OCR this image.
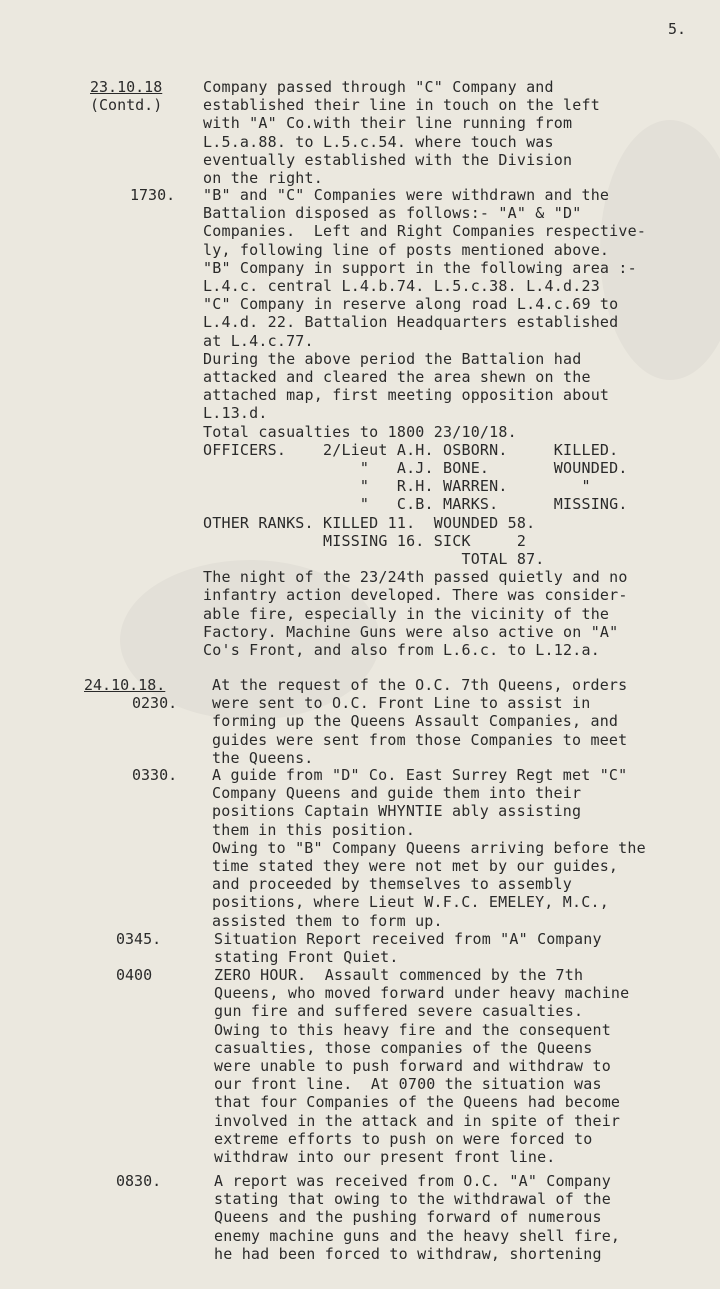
5.
23.10.18
(Contd.)
Company passed through "C" Company and
established their line in touch on the left
with "A" Co.with their line running from
L.5.a.88. to L.5.c.54. where touch was
eventually established with the Division
on the right.
1730. "B" and "C" Companies were withdrawn and the
Battalion disposed as follows:- "A" & "D"
Companies.  Left and Right Companies respective-
ly, following line of posts mentioned above.
"B" Company in support in the following area :-
L.4.c. central L.4.b.74. L.5.c.38. L.4.d.23
"C" Company in reserve along road L.4.c.69 to
L.4.d. 22. Battalion Headquarters established
at L.4.c.77.
During the above period the Battalion had
attacked and cleared the area shewn on the
attached map, first meeting opposition about
L.13.d.
Total casualties to 1800 23/10/18.
OFFICERS.    2/Lieut A.H. OSBORN.     KILLED.
"   A.J. BONE.       WOUNDED.
"   R.H. WARREN.        "
"   C.B. MARKS.      MISSING.
OTHER RANKS. KILLED 11.  WOUNDED 58.
MISSING 16. SICK     2
TOTAL 87.
The night of the 23/24th passed quietly and no
infantry action developed. There was consider-
able fire, especially in the vicinity of the
Factory. Machine Guns were also active on "A"
Co's Front, and also from L.6.c. to L.12.a.
24.10.18.
0230.
At the request of the O.C. 7th Queens, orders
were sent to O.C. Front Line to assist in
forming up the Queens Assault Companies, and
guides were sent from those Companies to meet
the Queens.
0330. A guide from "D" Co. East Surrey Regt met "C"
Company Queens and guide them into their
positions Captain WHYNTIE ably assisting
them in this position.
Owing to "B" Company Queens arriving before the
time stated they were not met by our guides,
and proceeded by themselves to assembly
positions, where Lieut W.F.C. EMELEY, M.C.,
assisted them to form up.
0345.	Situation Report received from "A" Company
stating Front Quiet.
0400	ZERO HOUR.  Assault commenced by the 7th
Queens, who moved forward under heavy machine
gun fire and suffered severe casualties.
Owing to this heavy fire and the consequent
casualties, those companies of the Queens
were unable to push forward and withdraw to
our front line.  At 0700 the situation was
that four Companies of the Queens had become
involved in the attack and in spite of their
extreme efforts to push on were forced to
withdraw into our present front line.
0830.	A report was received from O.C. "A" Company
stating that owing to the withdrawal of the
Queens and the pushing forward of numerous
enemy machine guns and the heavy shell fire,
he had been forced to withdraw, shortening
